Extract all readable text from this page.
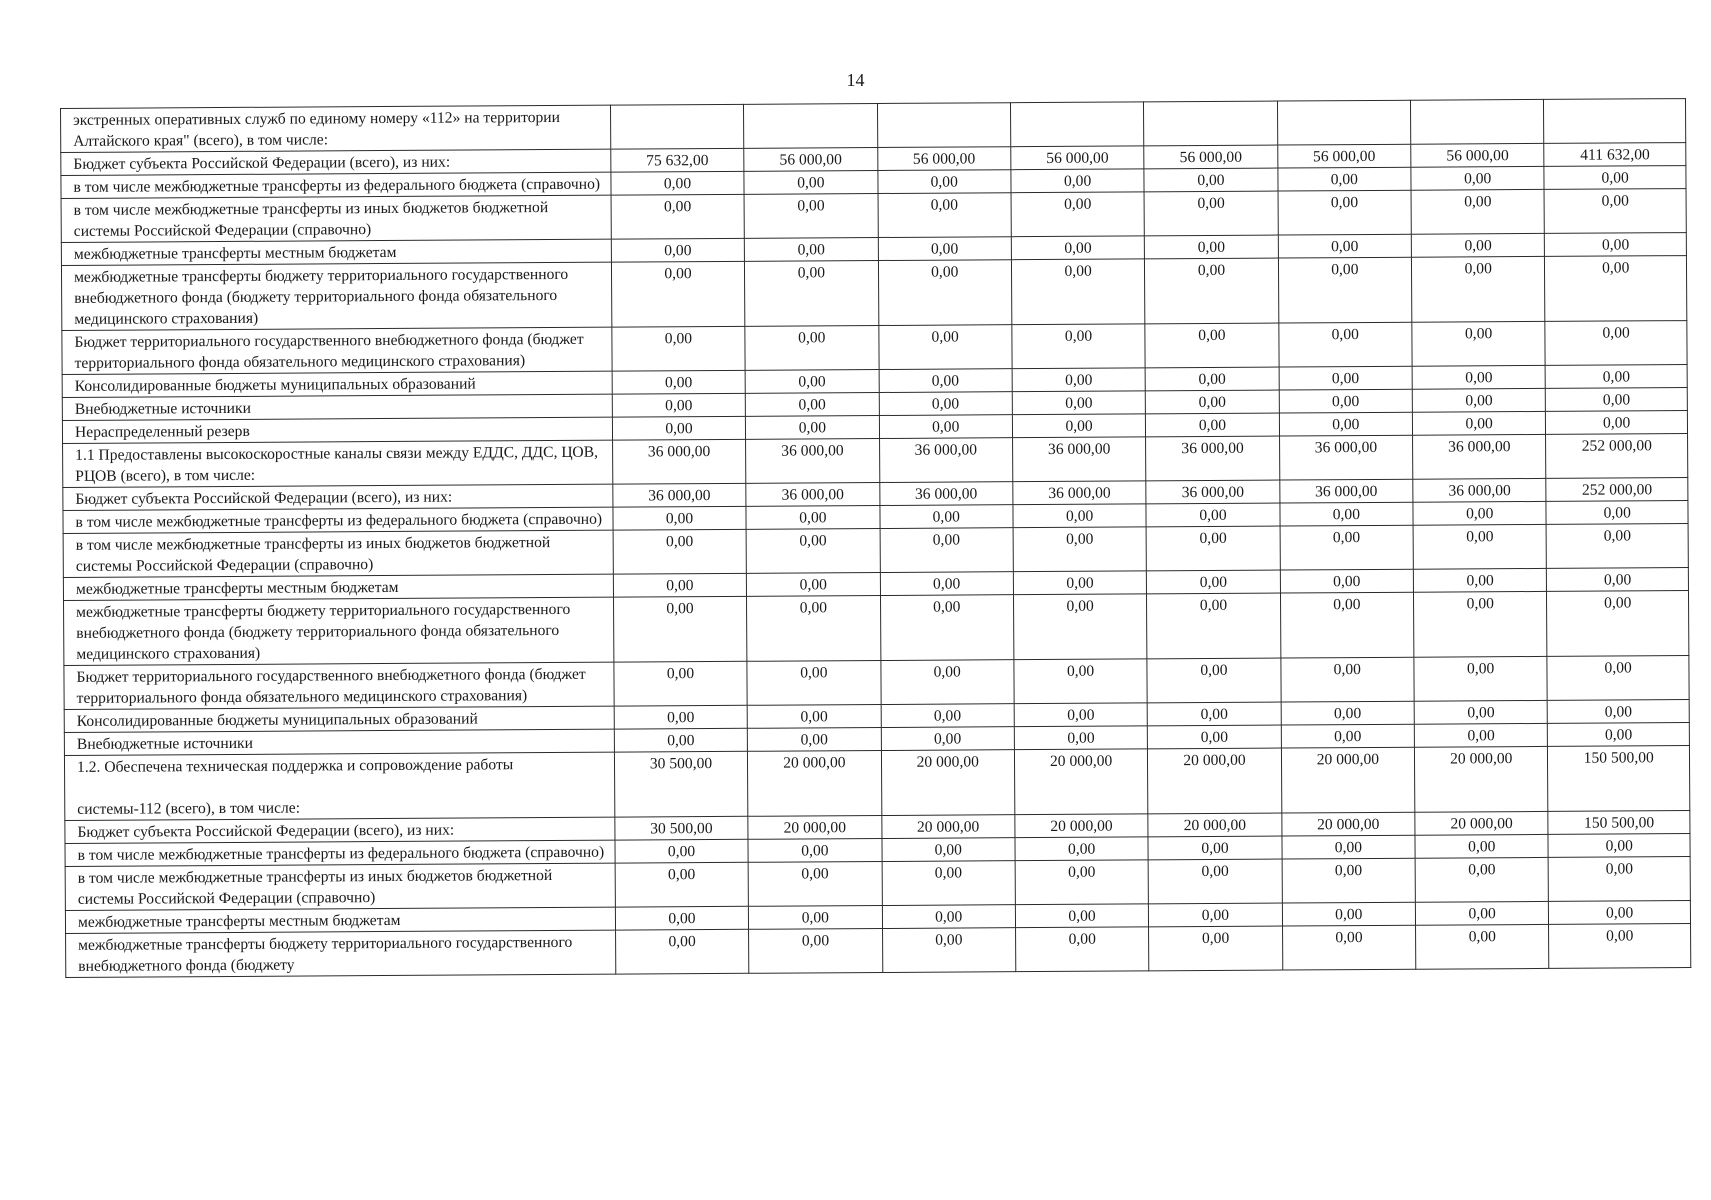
14
экстренных оперативных служб по единому номеру «112» на территории Алтайского края" (всего), в том числе:								
Бюджет субъекта Российской Федерации (всего), из них:	75 632,00	56 000,00	56 000,00	56 000,00	56 000,00	56 000,00	56 000,00	411 632,00
в том числе межбюджетные трансферты из федерального бюджета (справочно)	0,00	0,00	0,00	0,00	0,00	0,00	0,00	0,00
в том числе межбюджетные трансферты из иных бюджетов бюджетной системы Российской Федерации (справочно)	0,00	0,00	0,00	0,00	0,00	0,00	0,00	0,00
межбюджетные трансферты местным бюджетам	0,00	0,00	0,00	0,00	0,00	0,00	0,00	0,00
межбюджетные трансферты бюджету территориального государственного внебюджетного фонда (бюджету территориального фонда обязательного медицинского страхования)	0,00	0,00	0,00	0,00	0,00	0,00	0,00	0,00
Бюджет территориального государственного внебюджетного фонда (бюджет территориального фонда обязательного медицинского страхования)	0,00	0,00	0,00	0,00	0,00	0,00	0,00	0,00
Консолидированные бюджеты муниципальных образований	0,00	0,00	0,00	0,00	0,00	0,00	0,00	0,00
Внебюджетные источники	0,00	0,00	0,00	0,00	0,00	0,00	0,00	0,00
Нераспределенный резерв	0,00	0,00	0,00	0,00	0,00	0,00	0,00	0,00
1.1 Предоставлены высокоскоростные каналы связи между ЕДДС, ДДС, ЦОВ, РЦОВ (всего), в том числе:	36 000,00	36 000,00	36 000,00	36 000,00	36 000,00	36 000,00	36 000,00	252 000,00
Бюджет субъекта Российской Федерации (всего), из них:	36 000,00	36 000,00	36 000,00	36 000,00	36 000,00	36 000,00	36 000,00	252 000,00
в том числе межбюджетные трансферты из федерального бюджета (справочно)	0,00	0,00	0,00	0,00	0,00	0,00	0,00	0,00
в том числе межбюджетные трансферты из иных бюджетов бюджетной системы Российской Федерации (справочно)	0,00	0,00	0,00	0,00	0,00	0,00	0,00	0,00
межбюджетные трансферты местным бюджетам	0,00	0,00	0,00	0,00	0,00	0,00	0,00	0,00
межбюджетные трансферты бюджету территориального государственного внебюджетного фонда (бюджету территориального фонда обязательного медицинского страхования)	0,00	0,00	0,00	0,00	0,00	0,00	0,00	0,00
Бюджет территориального государственного внебюджетного фонда (бюджет территориального фонда обязательного медицинского страхования)	0,00	0,00	0,00	0,00	0,00	0,00	0,00	0,00
Консолидированные бюджеты муниципальных образований	0,00	0,00	0,00	0,00	0,00	0,00	0,00	0,00
Внебюджетные источники	0,00	0,00	0,00	0,00	0,00	0,00	0,00	0,00
1.2. Обеспечена техническая поддержка и сопровождение работы

системы-112 (всего), в том числе:	30 500,00	20 000,00	20 000,00	20 000,00	20 000,00	20 000,00	20 000,00	150 500,00
Бюджет субъекта Российской Федерации (всего), из них:	30 500,00	20 000,00	20 000,00	20 000,00	20 000,00	20 000,00	20 000,00	150 500,00
в том числе межбюджетные трансферты из федерального бюджета (справочно)	0,00	0,00	0,00	0,00	0,00	0,00	0,00	0,00
в том числе межбюджетные трансферты из иных бюджетов бюджетной системы Российской Федерации (справочно)	0,00	0,00	0,00	0,00	0,00	0,00	0,00	0,00
межбюджетные трансферты местным бюджетам	0,00	0,00	0,00	0,00	0,00	0,00	0,00	0,00
межбюджетные трансферты бюджету территориального государственного внебюджетного фонда (бюджету	0,00	0,00	0,00	0,00	0,00	0,00	0,00	0,00
